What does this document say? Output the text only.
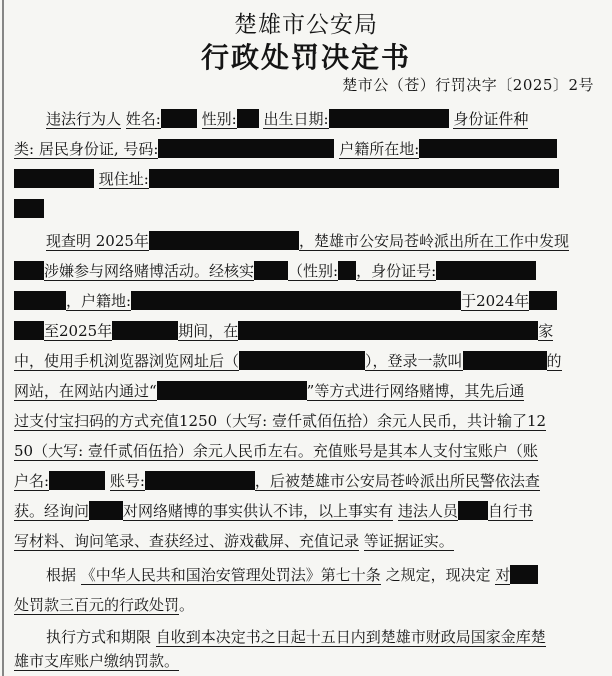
楚雄市公安局
行政处罚决定书
楚市公（苍）行罚决字〔2025〕2号
违法行为人 姓名:	性别: 出生日期:	身份证件种
类: 居民身份证, 号码:	户籍所在地:
现住址:
现查明 2025年	，楚雄市公安局苍岭派出所在工作中发现
涉嫌参与网络赌博活动。经核实 （性别: ，身份证号:
，户籍地:	于2024年
至2025年	期间，在	家
中，使用手机浏览器浏览网址后（	），登录一款叫	的
网站，在网站内通过“	”等方式进行网络赌博，其先后通
过支付宝扫码的方式充值1250（大写: 壹仟贰佰伍拾）余元人民币，共计输了12
50（大写: 壹仟贰佰伍拾）余元人民币左右。充值账号是其本人支付宝账户（账
户名:	账号:	，后被楚雄市公安局苍岭派出所民警依法查
获。经询问 对网络赌博的事实供认不讳，以上事实有 违法人员 自行书
写材料、询问笔录、查获经过、游戏截屏、充值记录 等证据证实。
根据 《中华人民共和国治安管理处罚法》第七十条 之规定，现决定 对
处罚款三百元的行政处罚。
执行方式和期限 自收到本决定书之日起十五日内到楚雄市财政局国家金库楚
雄市支库账户缴纳罚款。
